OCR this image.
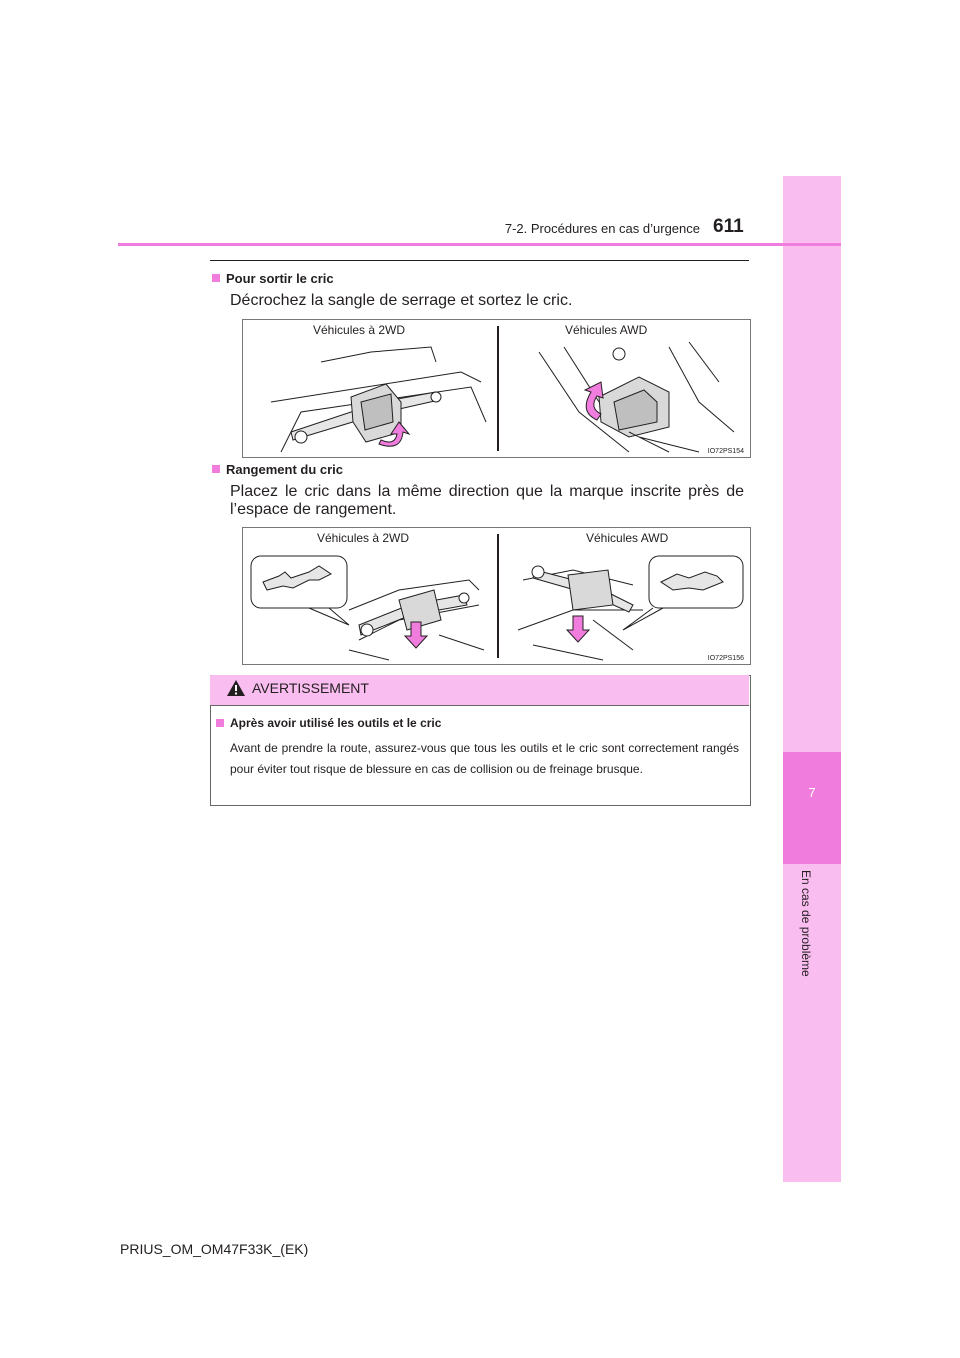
7
En cas de problème
7-2. Procédures en cas d’urgence 611
Pour sortir le cric
Décrochez la sangle de serrage et sortez le cric.
Véhicules à 2WD	Véhicules AWD
IO72PS154
Rangement du cric
Placez le cric dans la même direction que la marque inscrite près de l’espace de rangement.
Véhicules à 2WD	Véhicules AWD
IO72PS156
AVERTISSEMENT
Après avoir utilisé les outils et le cric
Avant de prendre la route, assurez-vous que tous les outils et le cric sont correctement rangés pour éviter tout risque de blessure en cas de collision ou de freinage brusque.
PRIUS_OM_OM47F33K_(EK)
